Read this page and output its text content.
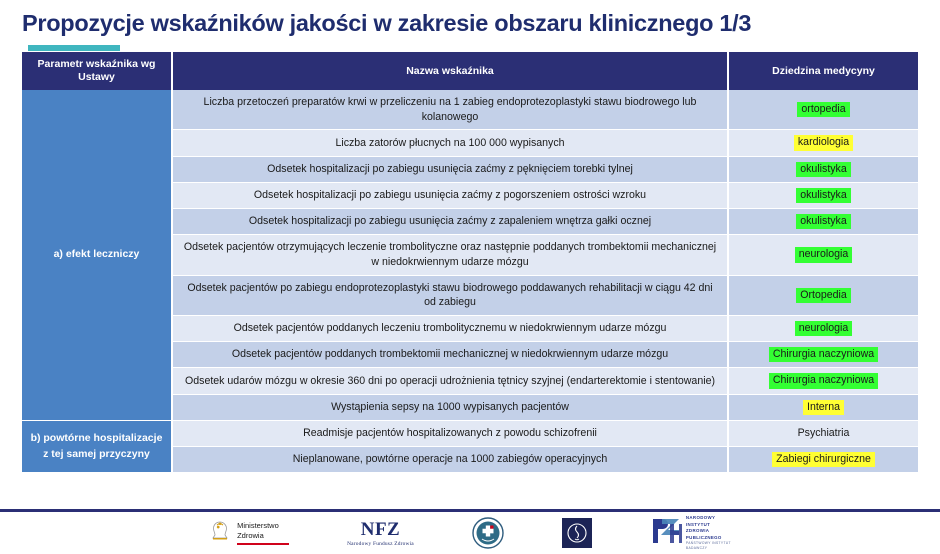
Propozycje wskaźników jakości w zakresie obszaru klinicznego 1/3
Parametr wskaźnika wg Ustawy	Nazwa wskaźnika	Dziedzina medycyny
a) efekt leczniczy	Liczba przetoczeń preparatów krwi w przeliczeniu na 1 zabieg endoprotezoplastyki stawu biodrowego lub kolanowego	ortopedia
	Liczba zatorów płucnych na 100 000 wypisanych	kardiologia
	Odsetek hospitalizacji po zabiegu usunięcia zaćmy z pęknięciem torebki tylnej	okulistyka
	Odsetek hospitalizacji po zabiegu usunięcia zaćmy z pogorszeniem ostrości wzroku	okulistyka
	Odsetek hospitalizacji po zabiegu usunięcia zaćmy z zapaleniem wnętrza gałki ocznej	okulistyka
	Odsetek pacjentów otrzymujących leczenie trombolityczne oraz następnie poddanych trombektomii mechanicznej w niedokrwiennym udarze mózgu	neurologia
	Odsetek pacjentów po zabiegu endoprotezoplastyki stawu biodrowego poddawanych rehabilitacji w ciągu 42 dni od zabiegu	Ortopedia
	Odsetek pacjentów poddanych leczeniu trombolitycznemu w niedokrwiennym udarze mózgu	neurologia
	Odsetek pacjentów poddanych trombektomii mechanicznej w niedokrwiennym udarze mózgu	Chirurgia naczyniowa
	Odsetek udarów mózgu w okresie 360 dni po operacji udrożnienia tętnicy szyjnej (endarterektomie i stentowanie)	Chirurgia naczyniowa
	Wystąpienia sepsy na 1000 wypisanych pacjentów	Interna
b) powtórne hospitalizacje z tej samej przyczyny	Readmisje pacjentów hospitalizowanych z powodu schizofrenii	Psychiatria
	Nieplanowane, powtórne operacje na 1000 zabiegów operacyjnych	Zabiegi chirurgiczne
Ministerstwo
Zdrowia	NFZ
Narodowy Fundusz Zdrowia
NARODOWY
INSTYTUT
ZDROWIA
PUBLICZNEGO
PAŃSTWOWY INSTYTUT
BADAWCZY
